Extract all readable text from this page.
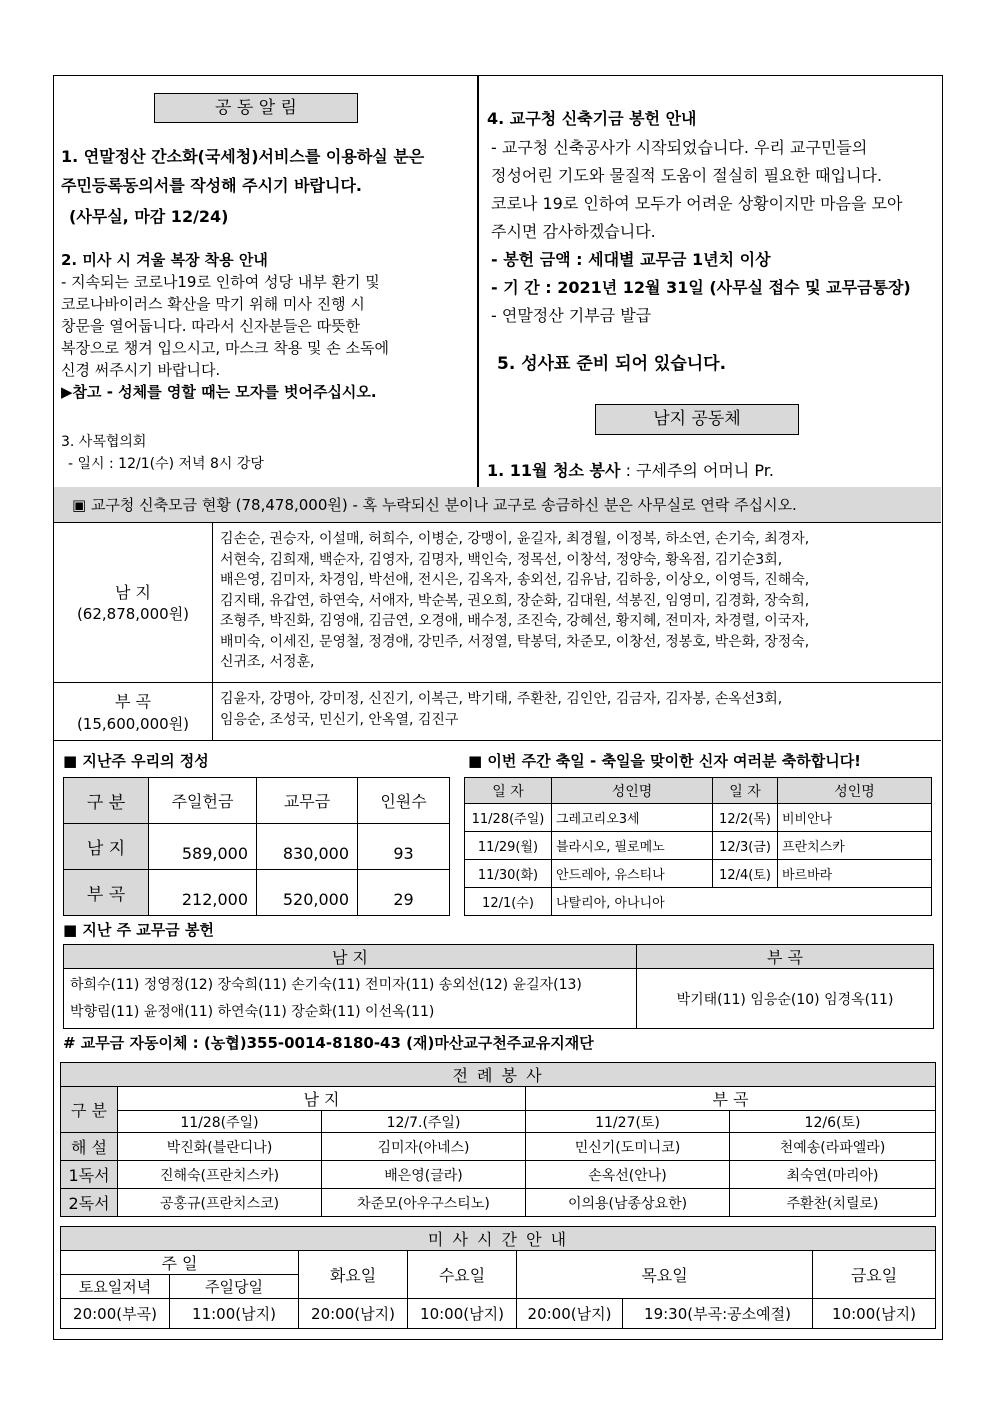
공 동 알 림
1. 연말정산 간소화(국세청)서비스를 이용하실 분은
주민등록동의서를 작성해 주시기 바랍니다.
(사무실, 마감 12/24)
2. 미사 시 겨울 복장 착용 안내
- 지속되는 코로나19로 인하여 성당 내부 환기 및
코로나바이러스 확산을 막기 위해 미사 진행 시
창문을 열어둡니다. 따라서 신자분들은 따뜻한
복장으로 챙겨 입으시고, 마스크 착용 및 손 소독에
신경 써주시기 바랍니다.
▶참고 - 성체를 영할 때는 모자를 벗어주십시오.
3. 사목협의회
- 일시 : 12/1(수) 저녁 8시 강당
4. 교구청 신축기금 봉헌 안내
- 교구청 신축공사가 시작되었습니다. 우리 교구민들의
정성어린 기도와 물질적 도움이 절실히 필요한 때입니다.
코로나 19로 인하여 모두가 어려운 상황이지만 마음을 모아
주시면 감사하겠습니다.
- 봉헌 금액 : 세대별 교무금 1년치 이상
- 기 간 : 2021년 12월 31일 (사무실 접수 및 교무금통장)
- 연말정산 기부금 발급
5. 성사표 준비 되어 있습니다.
남지 공동체
1. 11월 청소 봉사 : 구세주의 어머니 Pr.
▣ 교구청 신축모금 현황 (78,478,000원) - 혹 누락되신 분이나 교구로 송금하신 분은 사무실로 연락 주십시오.
남 지
(62,878,000원)
김손순, 권승자, 이설매, 허희수, 이병순, 강맹이, 윤길자, 최경월, 이정복, 하소연, 손기숙, 최경자,
서현숙, 김희재, 백순자, 김영자, 김명자, 백인숙, 정목선, 이창석, 정양숙, 황옥점, 김기순3회,
배은영, 김미자, 차경임, 박선애, 전시은, 김옥자, 송외선, 김유남, 김하웅, 이상오, 이영득, 진해숙,
김지태, 유갑연, 하연숙, 서애자, 박순복, 권오희, 장순화, 김대원, 석봉진, 임영미, 김경화, 장숙희,
조형주, 박진화, 김영애, 김금연, 오경애, 배수정, 조진숙, 강혜선, 황지혜, 전미자, 차경렬, 이국자,
배미숙, 이세진, 문영철, 정경애, 강민주, 서정열, 탁봉덕, 차준모, 이창선, 정봉호, 박은화, 장정숙,
신귀조, 서정훈,
부 곡
(15,600,000원)
김윤자, 강명아, 강미정, 신진기, 이복근, 박기태, 주환찬, 김인안, 김금자, 김자봉, 손옥선3회,
임응순, 조성국, 민신기, 안옥열, 김진구
■ 지난주 우리의 정성
구 분	주일헌금	교무금	인원수
남 지	589,000	830,000	93
부 곡	212,000	520,000	29
■ 이번 주간 축일 - 축일을 맞이한 신자 여러분 축하합니다!
일 자	성인명	일 자	성인명
11/28(주일)	그레고리오3세	12/2(목)	비비안나
11/29(월)	블라시오, 필로메노	12/3(금)	프란치스카
11/30(화)	안드레아, 유스티나	12/4(토)	바르바라
12/1(수)	나탈리아, 아나니아		
■ 지난 주 교무금 봉헌
남 지	부 곡

하희수(11) 정영정(12) 장숙희(11) 손기숙(11) 전미자(11) 송외선(12) 윤길자(13)
박향림(11) 윤정애(11) 하연숙(11) 장순화(11) 이선옥(11)	박기태(11) 임응순(10) 임경옥(11)
# 교무금 자동이체 : (농협)355-0014-8180-43 (재)마산교구천주교유지재단
전 례 봉 사				
구 분	남 지		부 곡	
	11/28(주일)	12/7.(주일)	11/27(토)	12/6(토)
해 설	박진화(블란디나)	김미자(아네스)	민신기(도미니코)	천예송(라파엘라)
1독서	진해숙(프란치스카)	배은영(글라)	손옥선(안나)	최숙연(마리아)
2독서	공홍규(프란치스코)	차준모(아우구스티노)	이의용(남종상요한)	주환찬(치릴로)
미 사 시 간 안 내						
주 일		화요일	수요일	목요일		금요일
토요일저녁	주일당일					
20:00(부곡)	11:00(남지)	20:00(남지)	10:00(남지)	20:00(남지)	19:30(부곡:공소예절)	10:00(남지)
